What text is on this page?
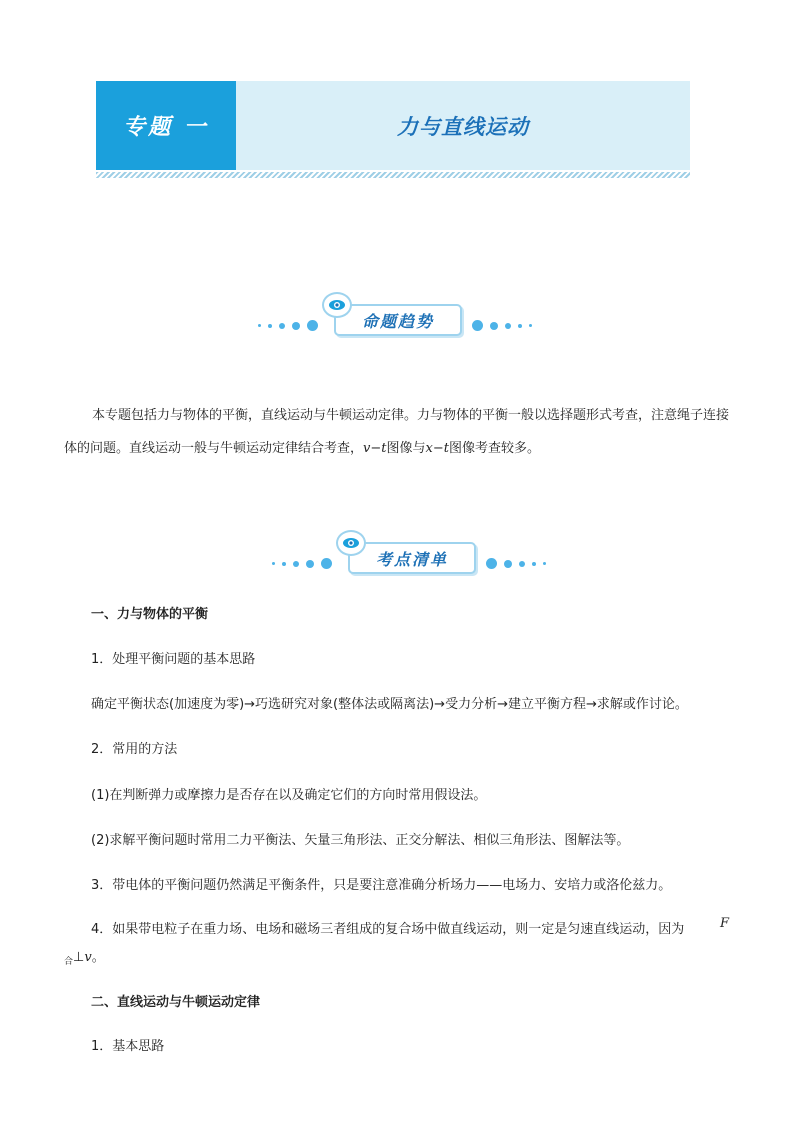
专题 一	力与直线运动
命题趋势
本专题包括力与物体的平衡，直线运动与牛顿运动定律。力与物体的平衡一般以选择题形式考查，注意绳子连接体的问题。直线运动一般与牛顿运动定律结合考查，v−t图像与x−t图像考查较多。
考点清单
一、力与物体的平衡
1．处理平衡问题的基本思路
确定平衡状态(加速度为零)→巧选研究对象(整体法或隔离法)→受力分析→建立平衡方程→求解或作讨论。
2．常用的方法
(1)在判断弹力或摩擦力是否存在以及确定它们的方向时常用假设法。
(2)求解平衡问题时常用二力平衡法、矢量三角形法、正交分解法、相似三角形法、图解法等。
3．带电体的平衡问题仍然满足平衡条件，只是要注意准确分析场力——电场力、安培力或洛伦兹力。
4．如果带电粒子在重力场、电场和磁场三者组成的复合场中做直线运动，则一定是匀速直线运动，因为	F
$_合$⊥v。
二、直线运动与牛顿运动定律
1．基本思路
